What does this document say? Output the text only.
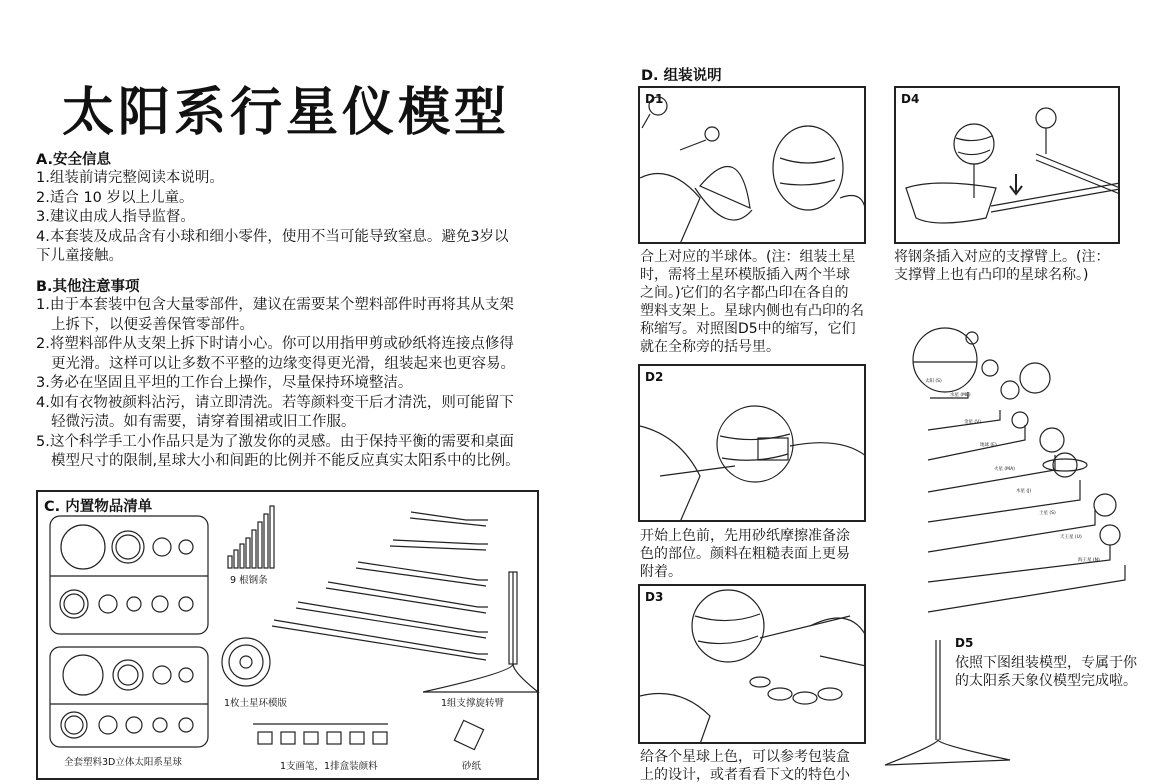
太阳系行星仪模型
A.安全信息
1.组装前请完整阅读本说明。
2.适合 10 岁以上儿童。
3.建议由成人指导监督。
4.本套装及成品含有小球和细小零件，使用不当可能导致窒息。避免3岁以
下儿童接触。
B.其他注意事项
1.由于本套装中包含大量零部件，建议在需要某个塑料部件时再将其从支架
上拆下，以便妥善保管零部件。
2.将塑料部件从支架上拆下时请小心。你可以用指甲剪或砂纸将连接点修得
更光滑。这样可以让多数不平整的边缘变得更光滑，组装起来也更容易。
3.务必在坚固且平坦的工作台上操作，尽量保持环境整洁。
4.如有衣物被颜料沾污，请立即清洗。若等颜料变干后才清洗，则可能留下
轻微污渍。如有需要，请穿着围裙或旧工作服。
5.这个科学手工小作品只是为了激发你的灵感。由于保持平衡的需要和桌面
模型尺寸的限制,星球大小和间距的比例并不能反应真实太阳系中的比例。
C. 内置物品清单
9 根钢条
1枚土星环模版	1组支撑旋转臂
全套塑料3D立体太阳系星球	1支画笔，1排盒装颜料	砂纸
D. 组装说明
D1
合上对应的半球体。(注：组装土星
时，需将土星环模版插入两个半球
之间。)它们的名字都凸印在各自的
塑料支架上。星球内侧也有凸印的名
称缩写。对照图D5中的缩写，它们
就在全称旁的括号里。
D2
开始上色前，先用砂纸摩擦准备涂
色的部位。颜料在粗糙表面上更易
附着。
D3
给各个星球上色，可以参考包装盒
上的设计，或者看看下文的特色小
D4
将钢条插入对应的支撑臂上。(注：
支撑臂上也有凸印的星球名称。)
太阳 (S)
水星 (ME)
金星 (V)
地球 (E)
火星 (MA)
木星 (J)
土星 (S)
天王星 (U)
海王星 (N)
D5
依照下图组装模型，专属于你
的太阳系天象仪模型完成啦。
